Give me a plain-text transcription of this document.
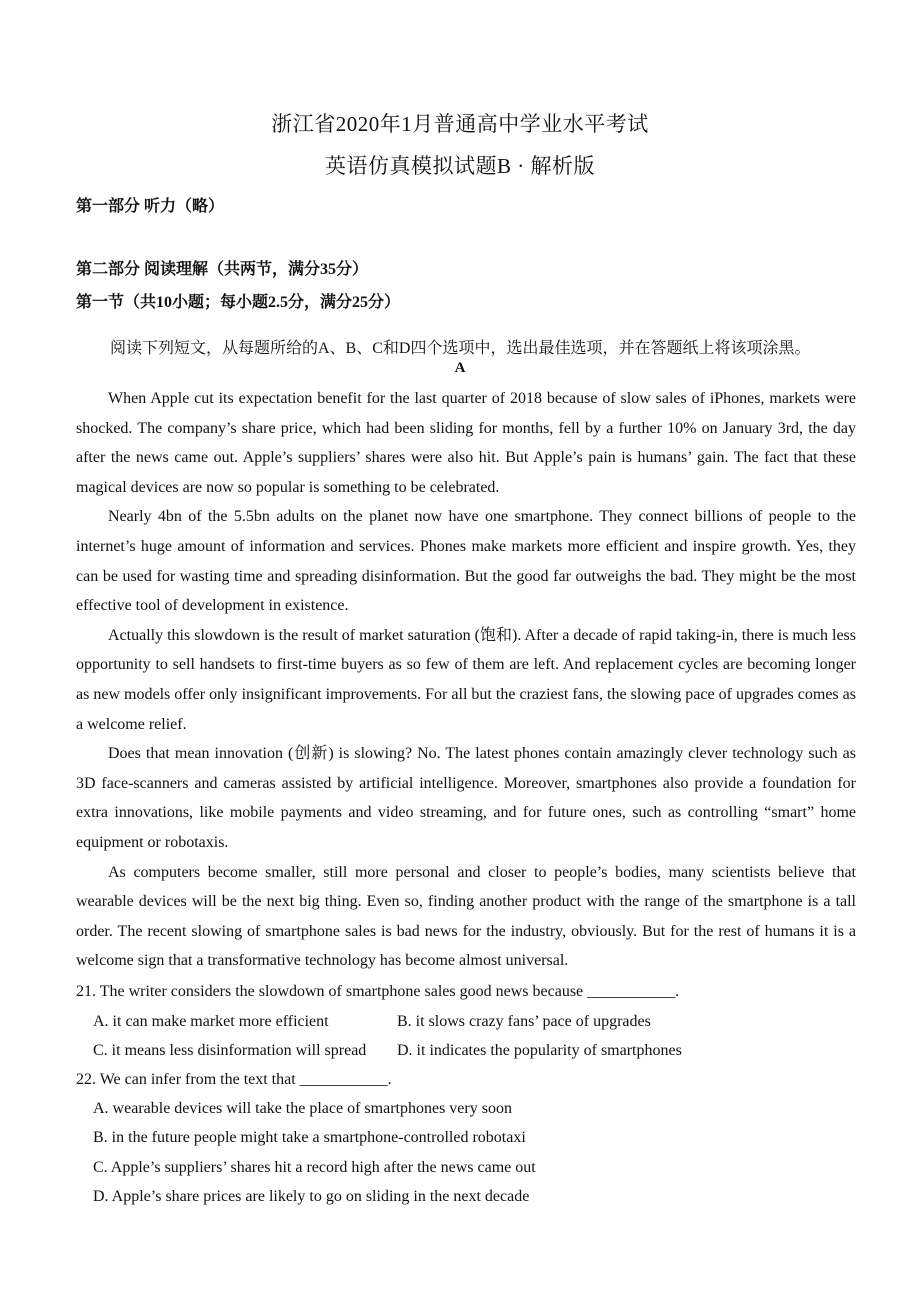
浙江省2020年1月普通高中学业水平考试
英语仿真模拟试题B · 解析版
第一部分 听力（略）
第二部分 阅读理解（共两节，满分35分）
第一节（共10小题；每小题2.5分，满分25分）
阅读下列短文，从每题所给的A、B、C和D四个选项中，选出最佳选项，并在答题纸上将该项涂黑。
A

When Apple cut its expectation benefit for the last quarter of 2018 because of slow sales of iPhones, markets were shocked. The company’s share price, which had been sliding for months, fell by a further 10% on January 3rd, the day after the news came out. Apple’s suppliers’ shares were also hit. But Apple’s pain is humans’ gain. The fact that these magical devices are now so popular is something to be celebrated.

Nearly 4bn of the 5.5bn adults on the planet now have one smartphone. They connect billions of people to the internet’s huge amount of information and services. Phones make markets more efficient and inspire growth. Yes, they can be used for wasting time and spreading disinformation. But the good far outweighs the bad. They might be the most effective tool of development in existence.

Actually this slowdown is the result of market saturation (饱和). After a decade of rapid taking-in, there is much less opportunity to sell handsets to first-time buyers as so few of them are left. And replacement cycles are becoming longer as new models offer only insignificant improvements. For all but the craziest fans, the slowing pace of upgrades comes as a welcome relief.

Does that mean innovation (创新) is slowing? No. The latest phones contain amazingly clever technology such as 3D face-scanners and cameras assisted by artificial intelligence. Moreover, smartphones also provide a foundation for extra innovations, like mobile payments and video streaming, and for future ones, such as controlling “smart” home equipment or robotaxis.

As computers become smaller, still more personal and closer to people’s bodies, many scientists believe that wearable devices will be the next big thing. Even so, finding another product with the range of the smartphone is a tall order. The recent slowing of smartphone sales is bad news for the industry, obviously. But for the rest of humans it is a welcome sign that a transformative technology has become almost universal.

21. The writer considers the slowdown of smartphone sales good news because ___________.
A. it can make market more efficient	B. it slows crazy fans’ pace of upgrades
C. it means less disinformation will spread D. it indicates the popularity of smartphones
22. We can infer from the text that ___________.
A. wearable devices will take the place of smartphones very soon
B. in the future people might take a smartphone-controlled robotaxi
C. Apple’s suppliers’ shares hit a record high after the news came out
D. Apple’s share prices are likely to go on sliding in the next decade
